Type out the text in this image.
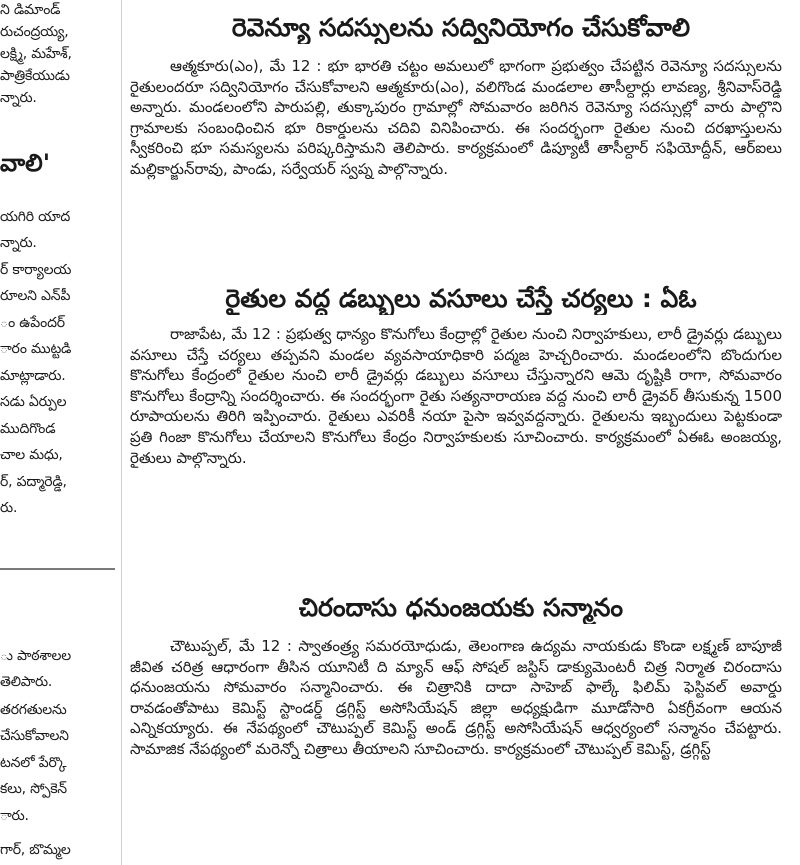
ని డిమాండ్
రుచంద్రయ్య,
లక్ష్మి, మహేశ్,
పాత్రికేయుడు
న్నారు.
వాలి'
యగిరి యాద
న్నారు.
ర్ కార్యాలయ
రూలని ఎన్‌పీ
ం ఉపేందర్
ారం ముట్టడి
మాట్లాడారు.
సడు ఏర్పుల
ముదిగొండ
చాల మధు,
ర్, పద్మారెడ్డి,
రు.
ు పాఠశాలల
తెలిపారు.
తరగతులను
చేసుకోవాలని
టనలో పేర్కొ
కలు, స్పోకెన్
ారు.
గార్, బొమ్మల
రెవెన్యూ సదస్సులను సద్వినియోగం చేసుకోవాలి

ఆత్మకూరు(ఎం), మే 12 : భూ భారతి చట్టం అమలులో భాగంగా ప్రభుత్వం చేపట్టిన రెవెన్యూ సదస్సులను రైతులందరూ సద్వినియోగం చేసుకోవాలని ఆత్మకూరు(ఎం), వలిగొండ మండలాల తాసీల్దార్లు లావణ్య, శ్రీనివాస్‌రెడ్డి అన్నారు. మండలంలోని పారుపల్లి, తుక్కాపురం గ్రామాల్లో సోమవారం జరిగిన రెవెన్యూ సదస్సుల్లో వారు పాల్గొని గ్రామాలకు సంబంధించిన భూ రికార్డులను చదివి వినిపించారు. ఈ సందర్భంగా రైతుల నుంచి దరఖాస్తులను స్వీకరించి భూ సమస్యలను పరిష్కరిస్తామని తెలిపారు. కార్యక్రమంలో డిప్యూటీ తాసీల్దార్ సఫియోద్దీన్, ఆర్‌ఐలు మల్లికార్జున్‌రావు, పాండు, సర్వేయర్ స్వప్న పాల్గొన్నారు.

రైతుల వద్ద డబ్బులు వసూలు చేస్తే చర్యలు : ఏఓ

రాజాపేట, మే 12 : ప్రభుత్వ ధాన్యం కొనుగోలు కేంద్రాల్లో రైతుల నుంచి నిర్వాహకులు, లారీ డ్రైవర్లు డబ్బులు వసూలు చేస్తే చర్యలు తప్పవని మండల వ్యవసాయాధికారి పద్మజ హెచ్చరించారు. మండలంలోని బొందుగుల కొనుగోలు కేంద్రంలో రైతుల నుంచి లారీ డ్రైవర్లు డబ్బులు వసూలు చేస్తున్నారని ఆమె దృష్టికి రాగా, సోమవారం కొనుగోలు కేంద్రాన్ని సందర్శించారు. ఈ సందర్భంగా రైతు సత్యనారాయణ వద్ద నుంచి లారీ డ్రైవర్ తీసుకున్న 1500 రూపాయలను తిరిగి ఇప్పించారు. రైతులు ఎవరికీ నయా పైసా ఇవ్వవద్దన్నారు. రైతులను ఇబ్బందులు పెట్టకుండా ప్రతి గింజా కొనుగోలు చేయాలని కొనుగోలు కేంద్రం నిర్వాహకులకు సూచించారు. కార్యక్రమంలో ఏఈఓ అంజయ్య, రైతులు పాల్గొన్నారు.

చిరందాసు ధనుంజయకు సన్మానం

చౌటుప్పల్, మే 12 : స్వాతంత్ర్య సమరయోధుడు, తెలంగాణ ఉద్యమ నాయకుడు కొండా లక్ష్మణ్ బాపూజీ జీవిత చరిత్ర ఆధారంగా తీసిన యూనిటీ ది మ్యాన్ ఆఫ్ సోషల్ జస్టిస్ డాక్యుమెంటరీ చిత్ర నిర్మాత చిరందాసు ధనుంజయను సోమవారం సన్మానించారు. ఈ చిత్రానికి దాదా సాహెబ్ ఫాల్కే ఫిలిమ్ ఫెస్టివల్ అవార్డు రావడంతోపాటు కెమిస్ట్ స్టాండర్డ్ డ్రగ్గిస్ట్ అసోసియేషన్ జిల్లా అధ్యక్షుడిగా మూడోసారి ఏకగ్రీవంగా ఆయన ఎన్నికయ్యారు. ఈ నేపథ్యంలో చౌటుప్పల్ కెమిస్ట్ అండ్ డ్రగ్గిస్ట్ అసోసియేషన్ ఆధ్వర్యంలో సన్మానం చేపట్టారు. సామాజిక నేపథ్యంలో మరెన్నో చిత్రాలు తీయాలని సూచించారు. కార్యక్రమంలో చౌటుప్పల్ కెమిస్ట్, డ్రగ్గిస్ట్
